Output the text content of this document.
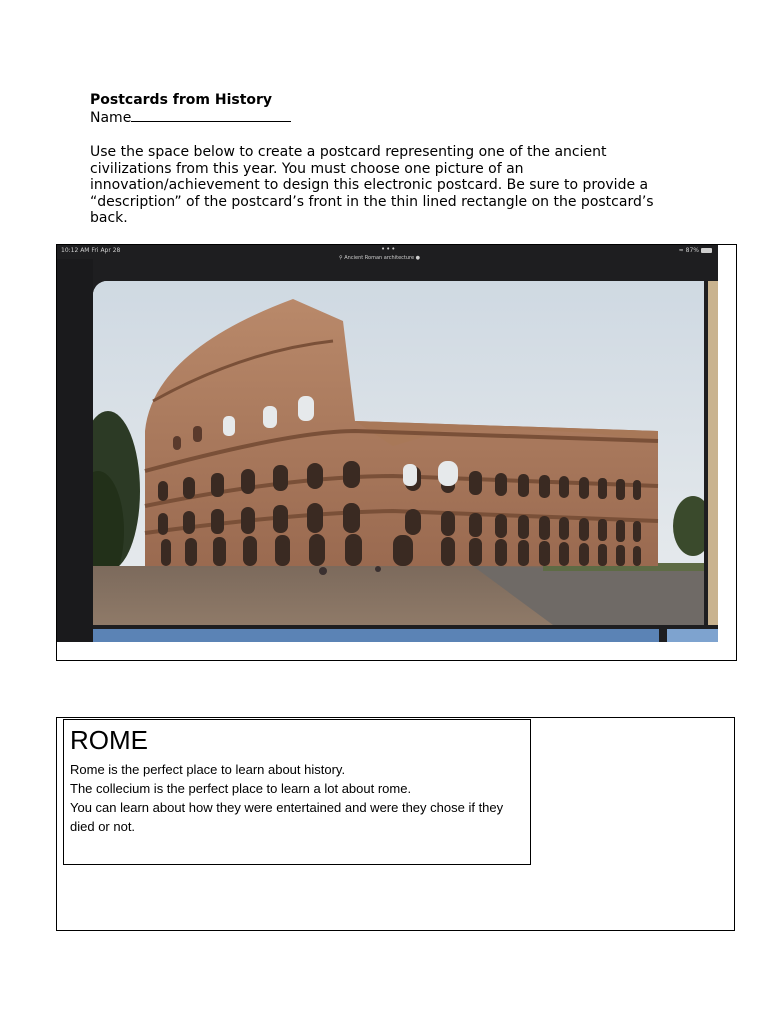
Postcards from History
Name
Use the space below to create a postcard representing one of the ancient civilizations from this year. You must choose one picture of an innovation/achievement to design this electronic postcard. Be sure to provide a “description” of the postcard’s front in the thin lined rectangle on the postcard’s back.
10:12 AM Fri Apr 28	•••	≈ 87%
⚲ Ancient Roman architecture ●
ROME
Rome is the perfect place to learn about history.
The collecium is the perfect place to learn a lot about rome.
You can learn about how they were entertained and were they chose if they died or not.
